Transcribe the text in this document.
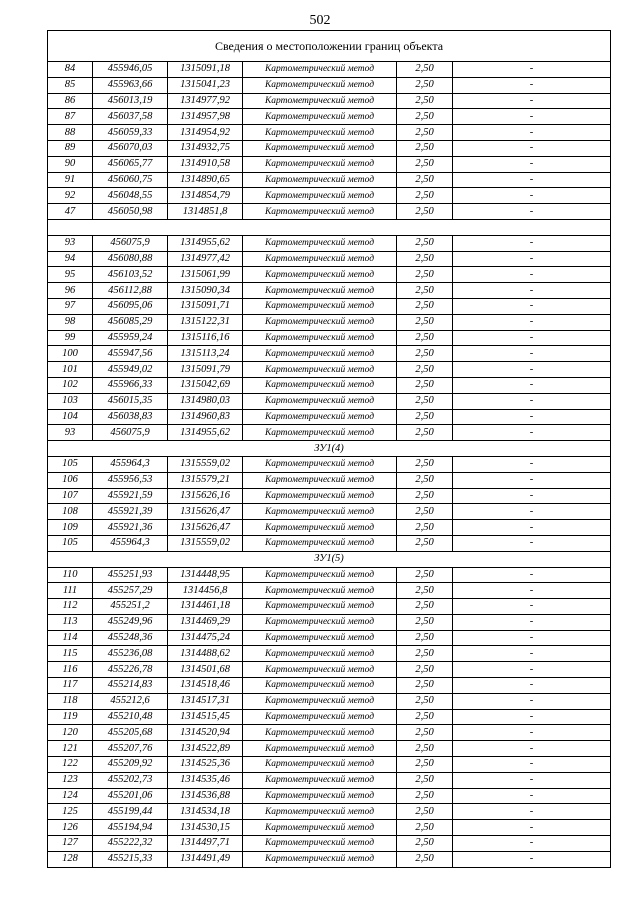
502
Сведения о местоположении границ объекта					
84	455946,05	1315091,18	Картометрический метод	2,50	-
85	455963,66	1315041,23	Картометрический метод	2,50	-
86	456013,19	1314977,92	Картометрический метод	2,50	-
87	456037,58	1314957,98	Картометрический метод	2,50	-
88	456059,33	1314954,92	Картометрический метод	2,50	-
89	456070,03	1314932,75	Картометрический метод	2,50	-
90	456065,77	1314910,58	Картометрический метод	2,50	-
91	456060,75	1314890,65	Картометрический метод	2,50	-
92	456048,55	1314854,79	Картометрический метод	2,50	-
47	456050,98	1314851,8	Картометрический метод	2,50	-

93	456075,9	1314955,62	Картометрический метод	2,50	-
94	456080,88	1314977,42	Картометрический метод	2,50	-
95	456103,52	1315061,99	Картометрический метод	2,50	-
96	456112,88	1315090,34	Картометрический метод	2,50	-
97	456095,06	1315091,71	Картометрический метод	2,50	-
98	456085,29	1315122,31	Картометрический метод	2,50	-
99	455959,24	1315116,16	Картометрический метод	2,50	-
100	455947,56	1315113,24	Картометрический метод	2,50	-
101	455949,02	1315091,79	Картометрический метод	2,50	-
102	455966,33	1315042,69	Картометрический метод	2,50	-
103	456015,35	1314980,03	Картометрический метод	2,50	-
104	456038,83	1314960,83	Картометрический метод	2,50	-
93	456075,9	1314955,62	Картометрический метод	2,50	-
ЗУ1(4)					
105	455964,3	1315559,02	Картометрический метод	2,50	-
106	455956,53	1315579,21	Картометрический метод	2,50	-
107	455921,59	1315626,16	Картометрический метод	2,50	-
108	455921,39	1315626,47	Картометрический метод	2,50	-
109	455921,36	1315626,47	Картометрический метод	2,50	-
105	455964,3	1315559,02	Картометрический метод	2,50	-
ЗУ1(5)					
110	455251,93	1314448,95	Картометрический метод	2,50	-
111	455257,29	1314456,8	Картометрический метод	2,50	-
112	455251,2	1314461,18	Картометрический метод	2,50	-
113	455249,96	1314469,29	Картометрический метод	2,50	-
114	455248,36	1314475,24	Картометрический метод	2,50	-
115	455236,08	1314488,62	Картометрический метод	2,50	-
116	455226,78	1314501,68	Картометрический метод	2,50	-
117	455214,83	1314518,46	Картометрический метод	2,50	-
118	455212,6	1314517,31	Картометрический метод	2,50	-
119	455210,48	1314515,45	Картометрический метод	2,50	-
120	455205,68	1314520,94	Картометрический метод	2,50	-
121	455207,76	1314522,89	Картометрический метод	2,50	-
122	455209,92	1314525,36	Картометрический метод	2,50	-
123	455202,73	1314535,46	Картометрический метод	2,50	-
124	455201,06	1314536,88	Картометрический метод	2,50	-
125	455199,44	1314534,18	Картометрический метод	2,50	-
126	455194,94	1314530,15	Картометрический метод	2,50	-
127	455222,32	1314497,71	Картометрический метод	2,50	-
128	455215,33	1314491,49	Картометрический метод	2,50	-
